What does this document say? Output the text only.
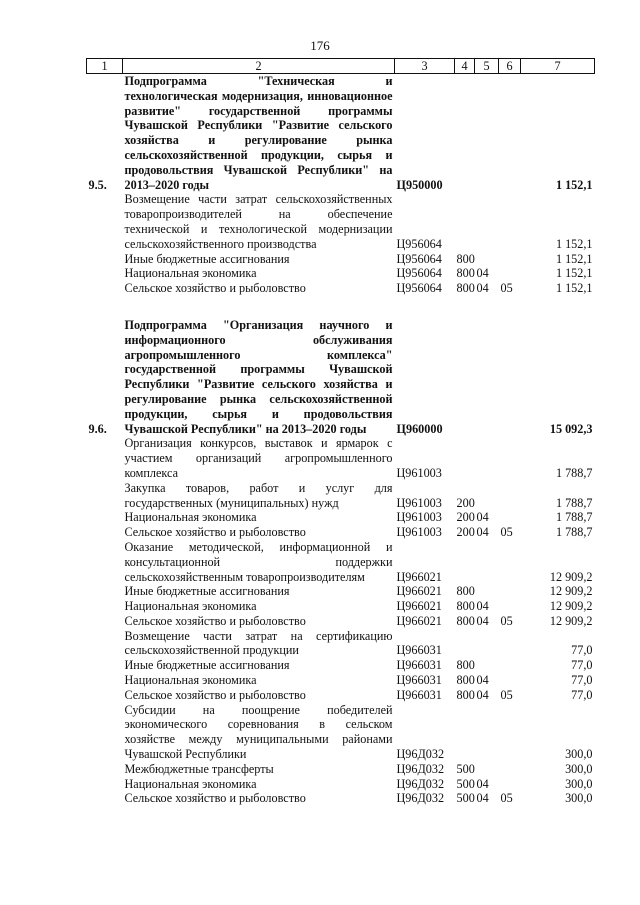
176
1	2	3	4	5	6	7
9.5.	Подпрограмма "Техническая и технологическая модернизация, инновационное развитие" государственной программы Чувашской Республики "Развитие сельского хозяйства и регулирование рынка сельскохозяйственной продукции, сырья и продовольствия Чувашской Республики" на 2013–2020 годы	Ц950000				1 152,1
	Возмещение части затрат сельскохозяйственных товаропроизводителей на обеспечение технической и технологической модернизации сельскохозяйственного производства	Ц956064				1 152,1
	Иные бюджетные ассигнования	Ц956064	800			1 152,1
	Национальная экономика	Ц956064	800	04		1 152,1
	Сельское хозяйство и рыболовство	Ц956064	800	04	05	1 152,1

9.6.	Подпрограмма "Организация научного и информационного обслуживания агропромышленного комплекса" государственной программы Чувашской Республики "Развитие сельского хозяйства и регулирование рынка сельскохозяйственной продукции, сырья и продовольствия Чувашской Республики" на 2013–2020 годы	Ц960000				15 092,3
	Организация конкурсов, выставок и ярмарок с участием организаций агропромышленного комплекса	Ц961003				1 788,7
	Закупка товаров, работ и услуг для государственных (муниципальных) нужд	Ц961003	200			1 788,7
	Национальная экономика	Ц961003	200	04		1 788,7
	Сельское хозяйство и рыболовство	Ц961003	200	04	05	1 788,7
	Оказание методической, информационной и консультационной поддержки сельскохозяйственным товаропроизводителям	Ц966021				12 909,2
	Иные бюджетные ассигнования	Ц966021	800			12 909,2
	Национальная экономика	Ц966021	800	04		12 909,2
	Сельское хозяйство и рыболовство	Ц966021	800	04	05	12 909,2
	Возмещение части затрат на сертификацию сельскохозяйственной продукции	Ц966031				77,0
	Иные бюджетные ассигнования	Ц966031	800			77,0
	Национальная экономика	Ц966031	800	04		77,0
	Сельское хозяйство и рыболовство	Ц966031	800	04	05	77,0
	Субсидии на поощрение победителей экономического соревнования в сельском хозяйстве между муниципальными районами Чувашской Республики	Ц96Д032				300,0
	Межбюджетные трансферты	Ц96Д032	500			300,0
	Национальная экономика	Ц96Д032	500	04		300,0
	Сельское хозяйство и рыболовство	Ц96Д032	500	04	05	300,0
